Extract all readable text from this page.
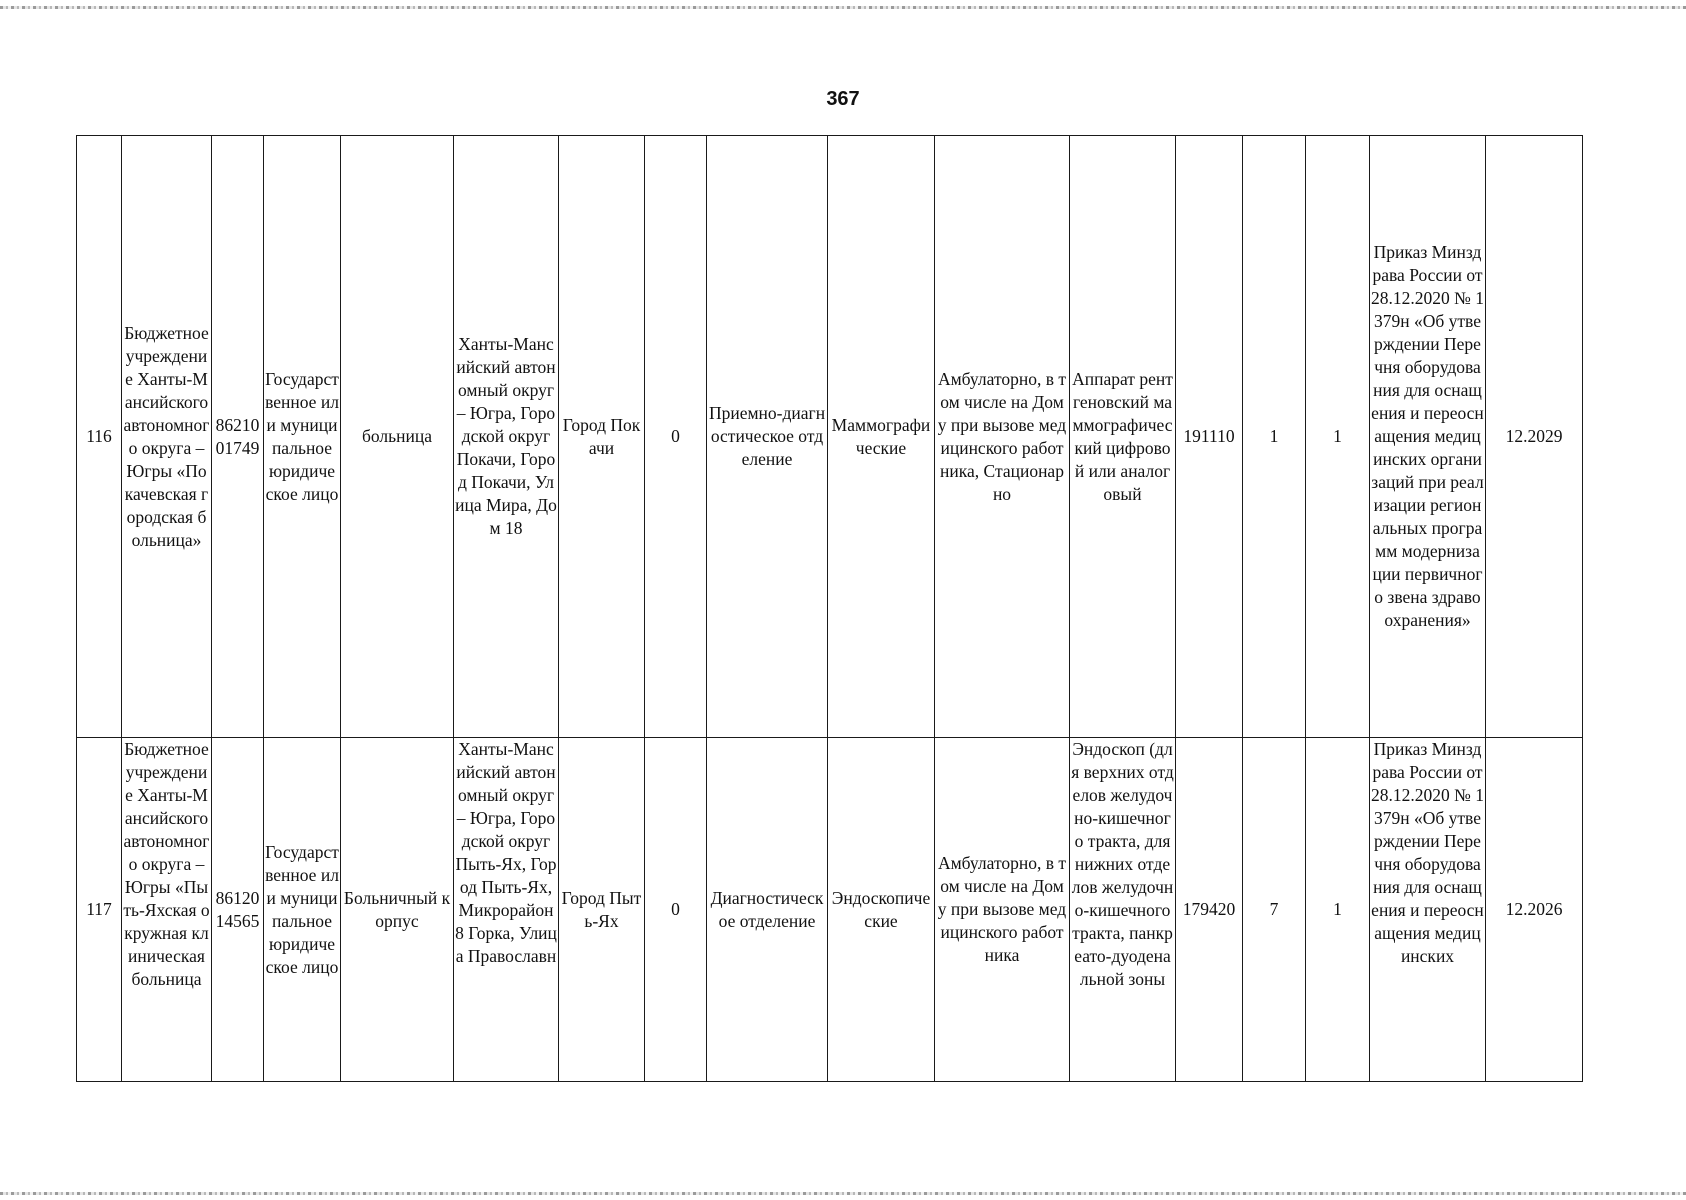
367
116	Бюджетное учреждение Ханты-Мансийского автономного округа – Югры «Покачевская городская больница»	8621001749	Государственное или муниципальное юридическое лицо	больница	Ханты-Мансийский автономный округ – Югра, Городской округ Покачи, Город Покачи, Улица Мира, Дом 18	Город Покачи	0	Приемно-диагностическое отделение	Маммографические	Амбулаторно, в том числе на Дому при вызове медицинского работника, Стационарно	Аппарат рентгеновский маммографический цифровой или аналоговый	191110	1	1	Приказ Минздрава России от 28.12.2020 № 1379н «Об утверждении Перечня оборудования для оснащения и переоснащения медицинских организаций при реализации региональных программ модернизации первичного звена здравоохранения»	12.2029
117	Бюджетное учреждение Ханты-Мансийского автономного округа – Югры «Пыть-Яхская окружная клиническая больница	8612014565	Государственное или муниципальное юридическое лицо	Больничный корпус	Ханты-Мансийский автономный округ – Югра, Городской округ Пыть-Ях, Город Пыть-Ях, Микрорайон 8 Горка, Улица Православн	Город Пыть-Ях	0	Диагностическое отделение	Эндоскопические	Амбулаторно, в том числе на Дому при вызове медицинского работника	Эндоскоп (для верхних отделов желудочно-кишечного тракта, для нижних отделов желудочно-кишечного тракта, панкреато-дуоденальной зоны	179420	7	1	Приказ Минздрава России от 28.12.2020 № 1379н «Об утверждении Перечня оборудования для оснащения и переоснащения медицинских	12.2026
